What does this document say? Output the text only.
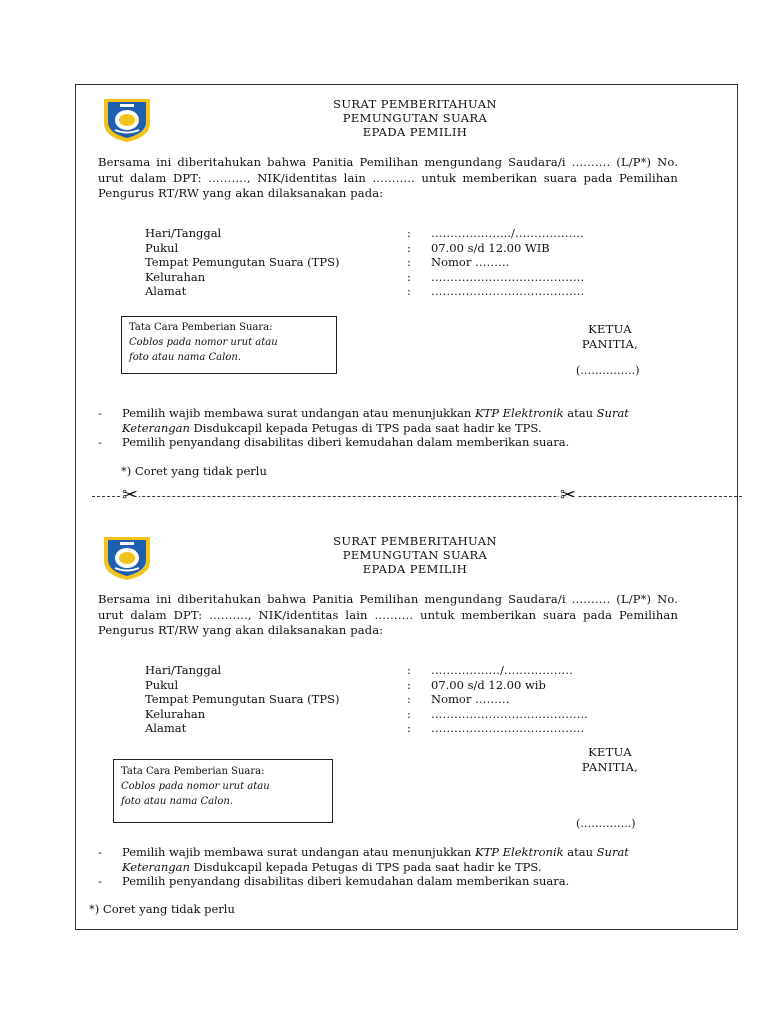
SURAT PEMBERITAHUAN
PEMUNGUTAN SUARA
EPADA PEMILIH
Bersama ini diberitahukan bahwa Panitia Pemilihan mengundang Saudara/i ………. (L/P*) No. urut dalam DPT: ………., NIK/identitas lain ……….. untuk memberikan suara pada Pemilihan Pengurus RT/RW yang akan dilaksanakan pada:
Hari/Tanggal	: ……………….../………………
Pukul	: 07.00 s/d 12.00 WIB
Tempat Pemungutan Suara (TPS)	: Nomor ………
Kelurahan	: ………………………………….
Alamat	: ………………………………….
Tata Cara Pemberian Suara:
Coblos pada nomor urut atau
foto atau nama Calon.
KETUA
PANITIA,
(……………)
- Pemilih wajib membawa surat undangan atau menunjukkan KTP Elektronik atau Surat Keterangan Disdukcapil kepada Petugas di TPS pada saat hadir ke TPS.
- Pemilih penyandang disabilitas diberi kemudahan dalam memberikan suara.
*) Coret yang tidak perlu
✂	✂
SURAT PEMBERITAHUAN
PEMUNGUTAN SUARA
EPADA PEMILIH
Bersama ini diberitahukan bahwa Panitia Pemilihan mengundang Saudara/i ………. (L/P*) No. urut dalam DPT: ………., NIK/identitas lain ………. untuk memberikan suara pada Pemilihan Pengurus RT/RW yang akan dilaksanakan pada:
Hari/Tanggal	: ………………/………………
Pukul	: 07.00 s/d 12.00 wib
Tempat Pemungutan Suara (TPS)	: Nomor ………
Kelurahan	: …………………………………..
Alamat	: ………………………………….
Tata Cara Pemberian Suara:
Coblos pada nomor urut atau
foto atau nama Calon.
KETUA
PANITIA,
(…………..)
- Pemilih wajib membawa surat undangan atau menunjukkan KTP Elektronik atau Surat Keterangan Disdukcapil kepada Petugas di TPS pada saat hadir ke TPS.
- Pemilih penyandang disabilitas diberi kemudahan dalam memberikan suara.
*) Coret yang tidak perlu
